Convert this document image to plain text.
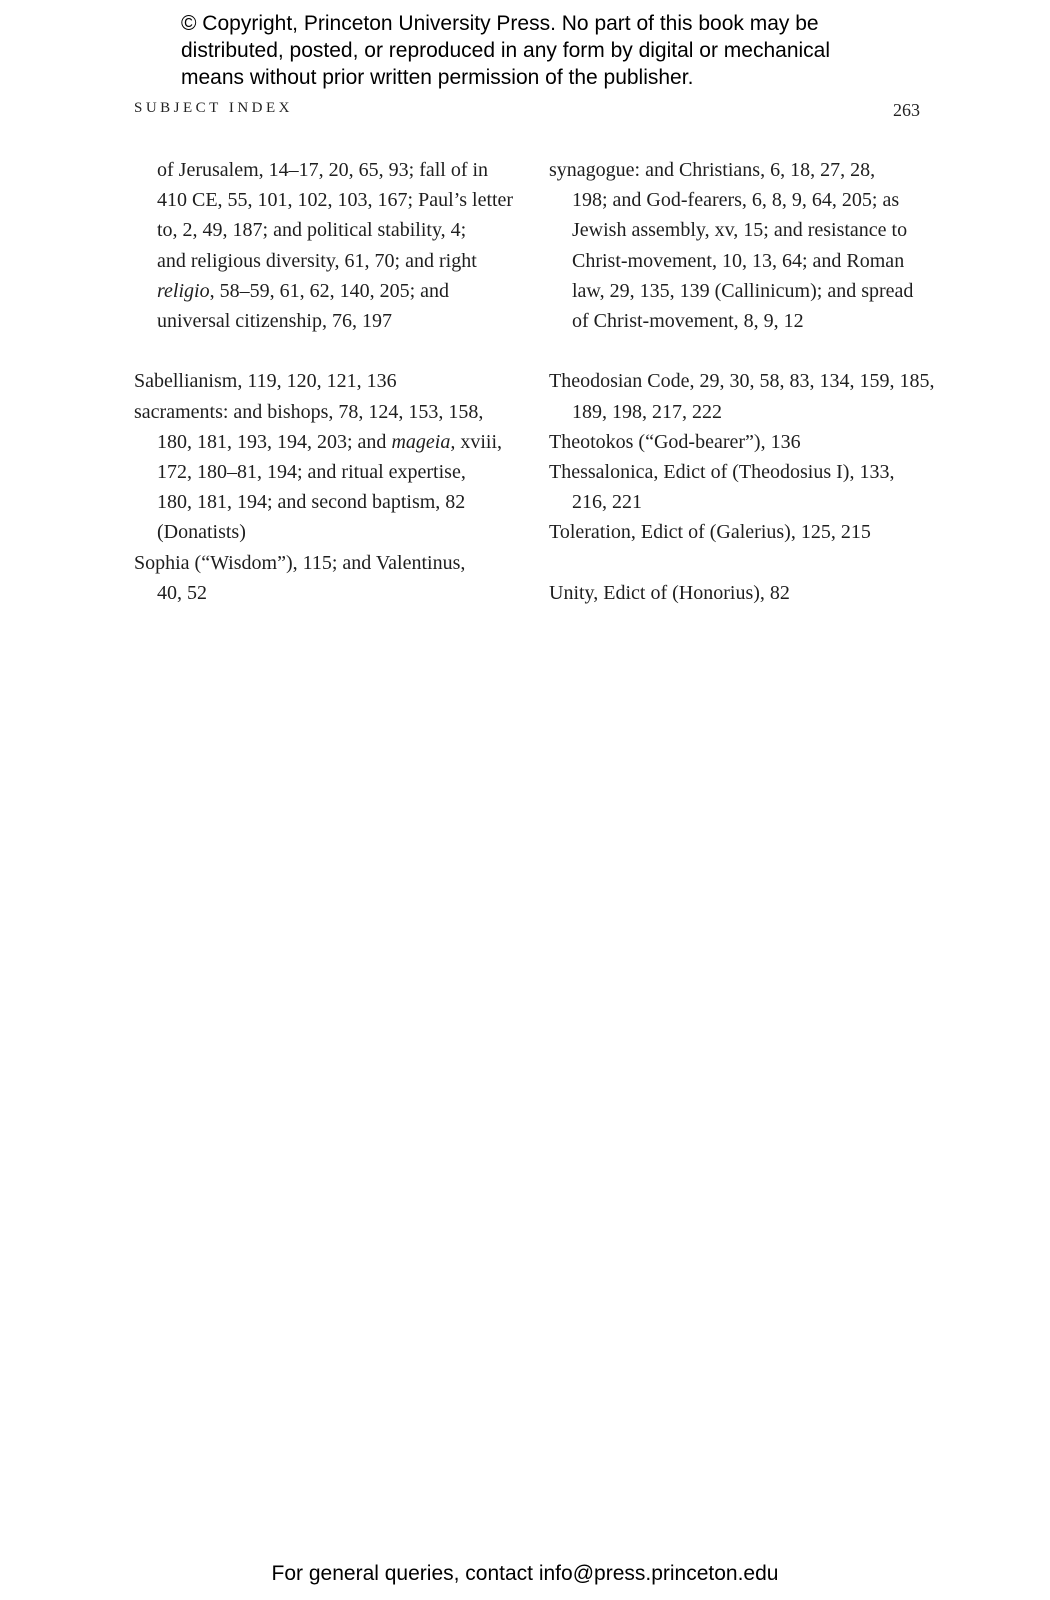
© Copyright, Princeton University Press. No part of this book may be
distributed, posted, or reproduced in any form by digital or mechanical
means without prior written permission of the publisher.
SUBJECT INDEX	263
of Jerusalem, 14–17, 20, 65, 93; fall of in
410 CE, 55, 101, 102, 103, 167; Paul’s letter
to, 2, 49, 187; and political stability, 4;
and religious diversity, 61, 70; and right
religio, 58–59, 61, 62, 140, 205; and
universal citizenship, 76, 197
Sabellianism, 119, 120, 121, 136
sacraments: and bishops, 78, 124, 153, 158,
180, 181, 193, 194, 203; and mageia, xviii,
172, 180–81, 194; and ritual expertise,
180, 181, 194; and second baptism, 82
(Donatists)
Sophia (“Wisdom”), 115; and Valentinus,
40, 52
synagogue: and Christians, 6, 18, 27, 28,
198; and God-fearers, 6, 8, 9, 64, 205; as
Jewish assembly, xv, 15; and resistance to
Christ-movement, 10, 13, 64; and Roman
law, 29, 135, 139 (Callinicum); and spread
of Christ-movement, 8, 9, 12
Theodosian Code, 29, 30, 58, 83, 134, 159, 185,
189, 198, 217, 222
Theotokos (“God-bearer”), 136
Thessalonica, Edict of (Theodosius I), 133,
216, 221
Toleration, Edict of (Galerius), 125, 215
Unity, Edict of (Honorius), 82
For general queries, contact info@press.princeton.edu
